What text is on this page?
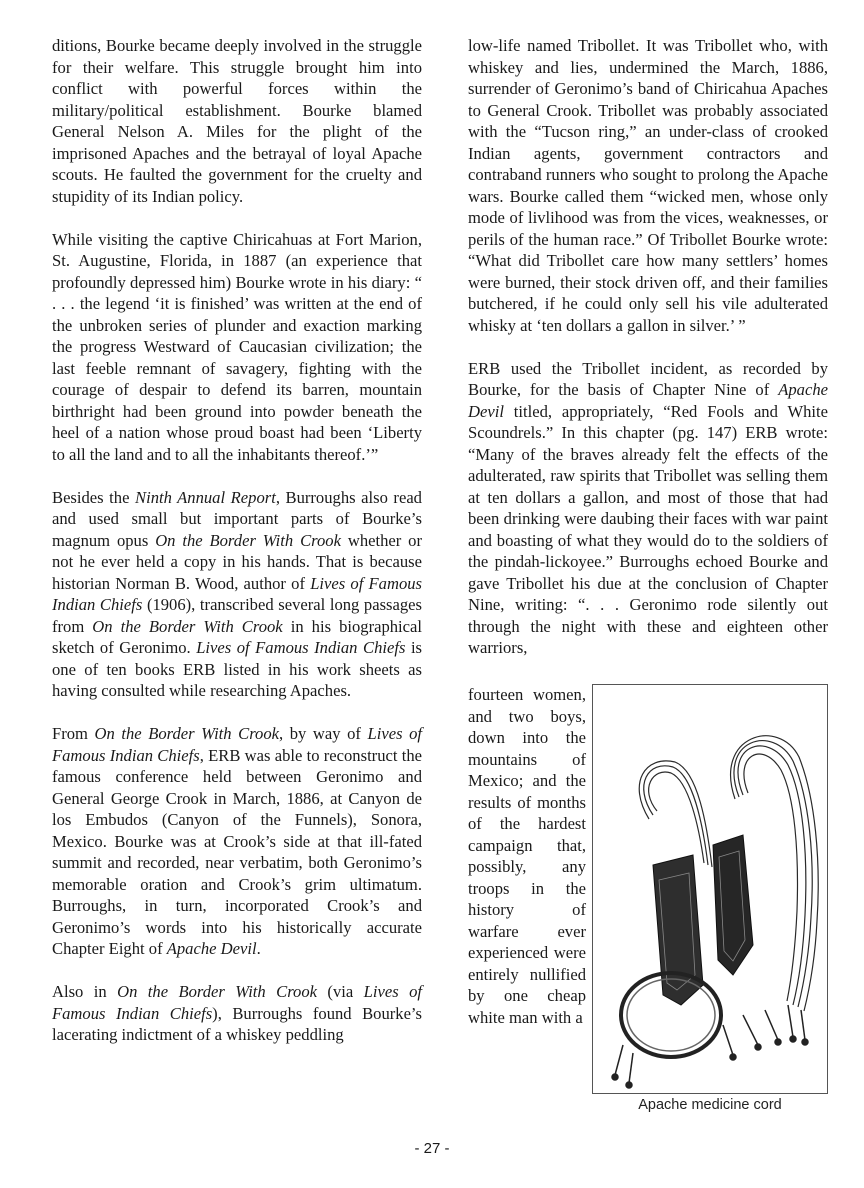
ditions, Bourke became deeply involved in the struggle for their welfare. This struggle brought him into conflict with powerful forces within the military/political establishment. Bourke blamed General Nelson A. Miles for the plight of the imprisoned Apaches and the betrayal of loyal Apache scouts. He faulted the government for the cruelty and stupidity of its Indian policy.

While visiting the captive Chiricahuas at Fort Marion, St. Augustine, Florida, in 1887 (an experience that profoundly depressed him) Bourke wrote in his diary: “ . . . the legend ‘it is finished’ was written at the end of the unbroken series of plunder and exaction marking the progress Westward of Caucasian civilization; the last feeble remnant of savagery, fighting with the courage of despair to defend its barren, mountain birthright had been ground into powder beneath the heel of a nation whose proud boast had been ‘Liberty to all the land and to all the inhabitants thereof.’”

Besides the Ninth Annual Report, Burroughs also read and used small but important parts of Bourke’s magnum opus On the Border With Crook whether or not he ever held a copy in his hands. That is because historian Norman B. Wood, author of Lives of Famous Indian Chiefs (1906), transcribed several long passages from On the Border With Crook in his biographical sketch of Geronimo. Lives of Famous Indian Chiefs is one of ten books ERB listed in his work sheets as having consulted while researching Apaches.

From On the Border With Crook, by way of Lives of Famous Indian Chiefs, ERB was able to reconstruct the famous conference held between Geronimo and General George Crook in March, 1886, at Canyon de los Embudos (Canyon of the Funnels), Sonora, Mexico. Bourke was at Crook’s side at that ill-fated summit and recorded, near verbatim, both Geronimo’s memorable oration and Crook’s grim ultimatum. Burroughs, in turn, incorporated Crook’s and Geronimo’s words into his historically accurate Chapter Eight of Apache Devil.

Also in On the Border With Crook (via Lives of Famous Indian Chiefs), Burroughs found Bourke’s lacerating indictment of a whiskey peddling

low-life named Tribollet. It was Tribollet who, with whiskey and lies, undermined the March, 1886, surrender of Geronimo’s band of Chiricahua Apaches to General Crook. Tribollet was probably associated with the “Tucson ring,” an under-class of crooked Indian agents, government contractors and contraband runners who sought to prolong the Apache wars. Bourke called them “wicked men, whose only mode of livlihood was from the vices, weaknesses, or perils of the human race.” Of Tribollet Bourke wrote: “What did Tribollet care how many settlers’ homes were burned, their stock driven off, and their families butchered, if he could only sell his vile adulterated whisky at ‘ten dollars a gallon in silver.’ ”

ERB used the Tribollet incident, as recorded by Bourke, for the basis of Chapter Nine of Apache Devil titled, appropriately, “Red Fools and White Scoundrels.” In this chapter (pg. 147) ERB wrote: “Many of the braves already felt the effects of the adulterated, raw spirits that Tribollet was selling them at ten dollars a gallon, and most of those that had been drinking were daubing their faces with war paint and boasting of what they would do to the soldiers of the pindah-lickoyee.” Burroughs echoed Bourke and gave Tribollet his due at the conclusion of Chapter Nine, writing: “. . . Geronimo rode silently out through the night with these and eighteen other warriors,

fourteen women, and two boys, down into the mountains of Mexico; and the results of months of the hardest campaign that, possibly, any troops in the history of warfare ever experienced were entirely nullified by one cheap white man with a

Apache medicine cord
- 27 -
